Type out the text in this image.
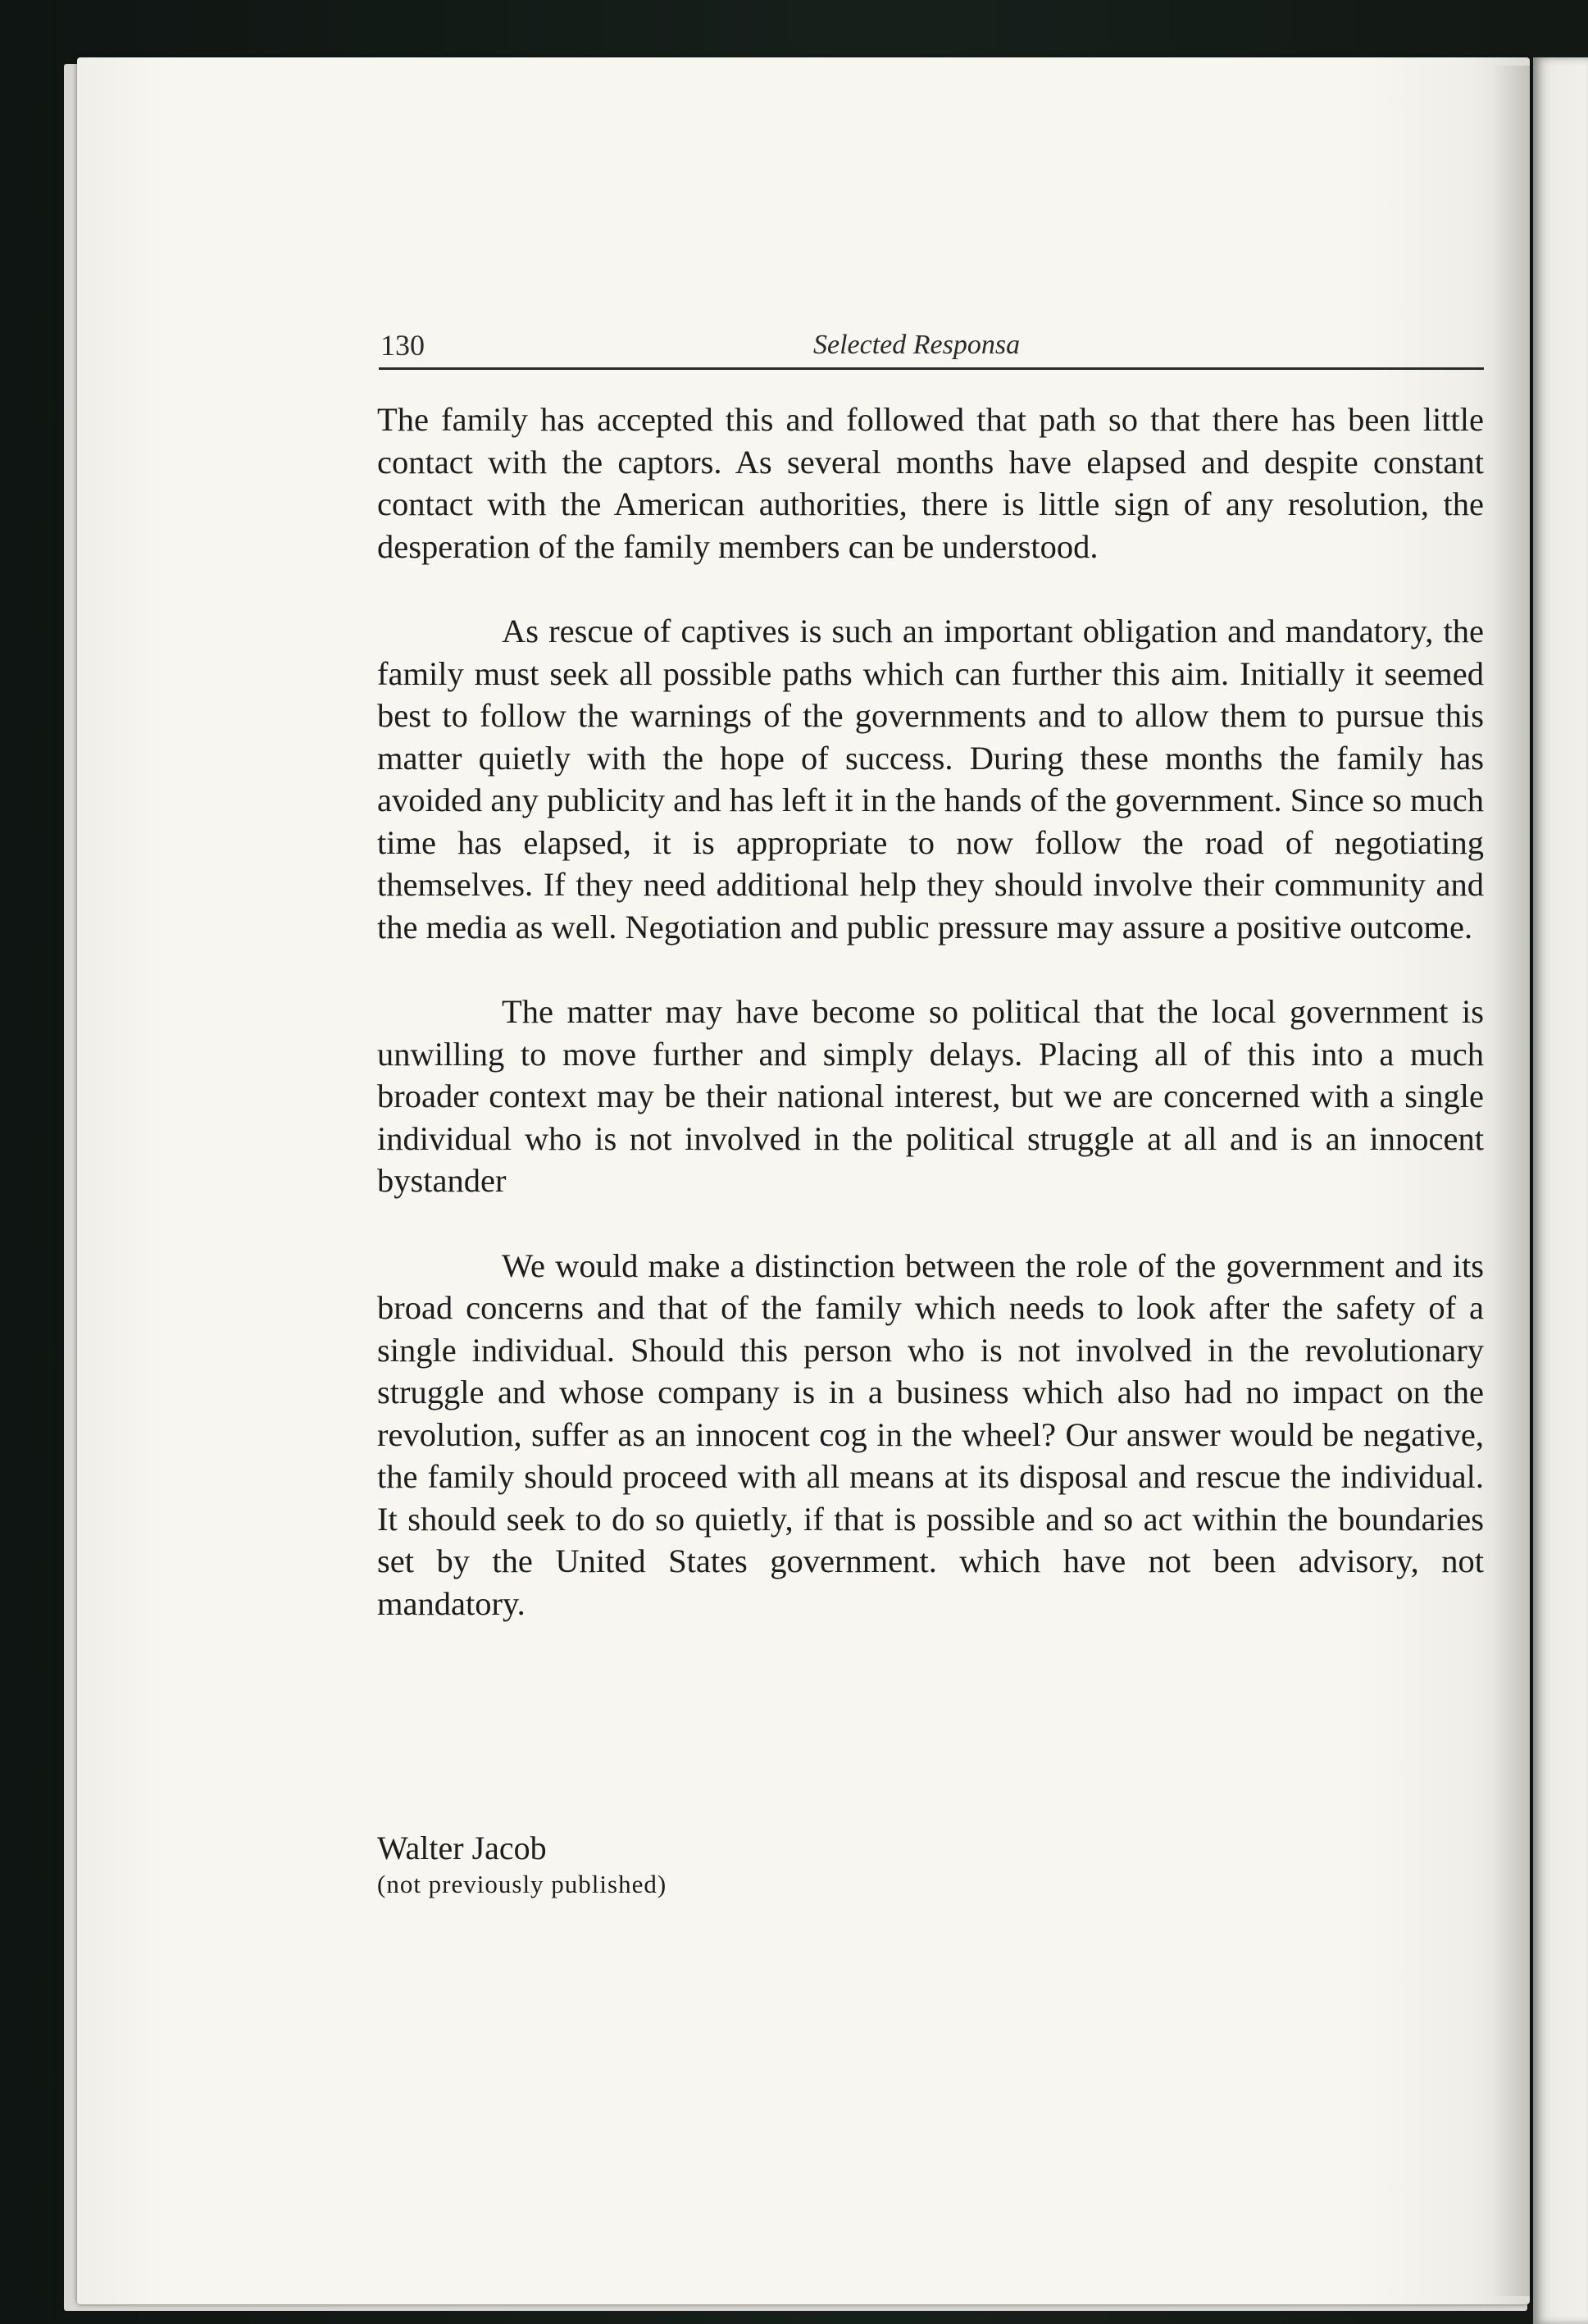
130	Selected Responsa

The family has accepted this and followed that path so that there has been little contact with the captors. As several months have elapsed and despite constant contact with the American authorities, there is little sign of any resolution, the desperation of the family members can be understood.

As rescue of captives is such an important obligation and mandatory, the family must seek all possible paths which can further this aim. Initially it seemed best to follow the warnings of the governments and to allow them to pursue this matter quietly with the hope of success. During these months the family has avoided any publicity and has left it in the hands of the government. Since so much time has elapsed, it is appropriate to now follow the road of negotiating themselves. If they need additional help they should involve their community and the media as well. Negotiation and public pressure may assure a positive outcome.

The matter may have become so political that the local government is unwilling to move further and simply delays. Placing all of this into a much broader context may be their national interest, but we are concerned with a single individual who is not involved in the political struggle at all and is an innocent bystander

We would make a distinction between the role of the government and its broad concerns and that of the family which needs to look after the safety of a single individual. Should this person who is not involved in the revolutionary struggle and whose company is in a business which also had no impact on the revolution, suffer as an innocent cog in the wheel? Our answer would be negative, the family should proceed with all means at its disposal and rescue the individual. It should seek to do so quietly, if that is possible and so act within the boundaries set by the United States government. which have not been advisory, not mandatory.

Walter Jacob
(not previously published)
